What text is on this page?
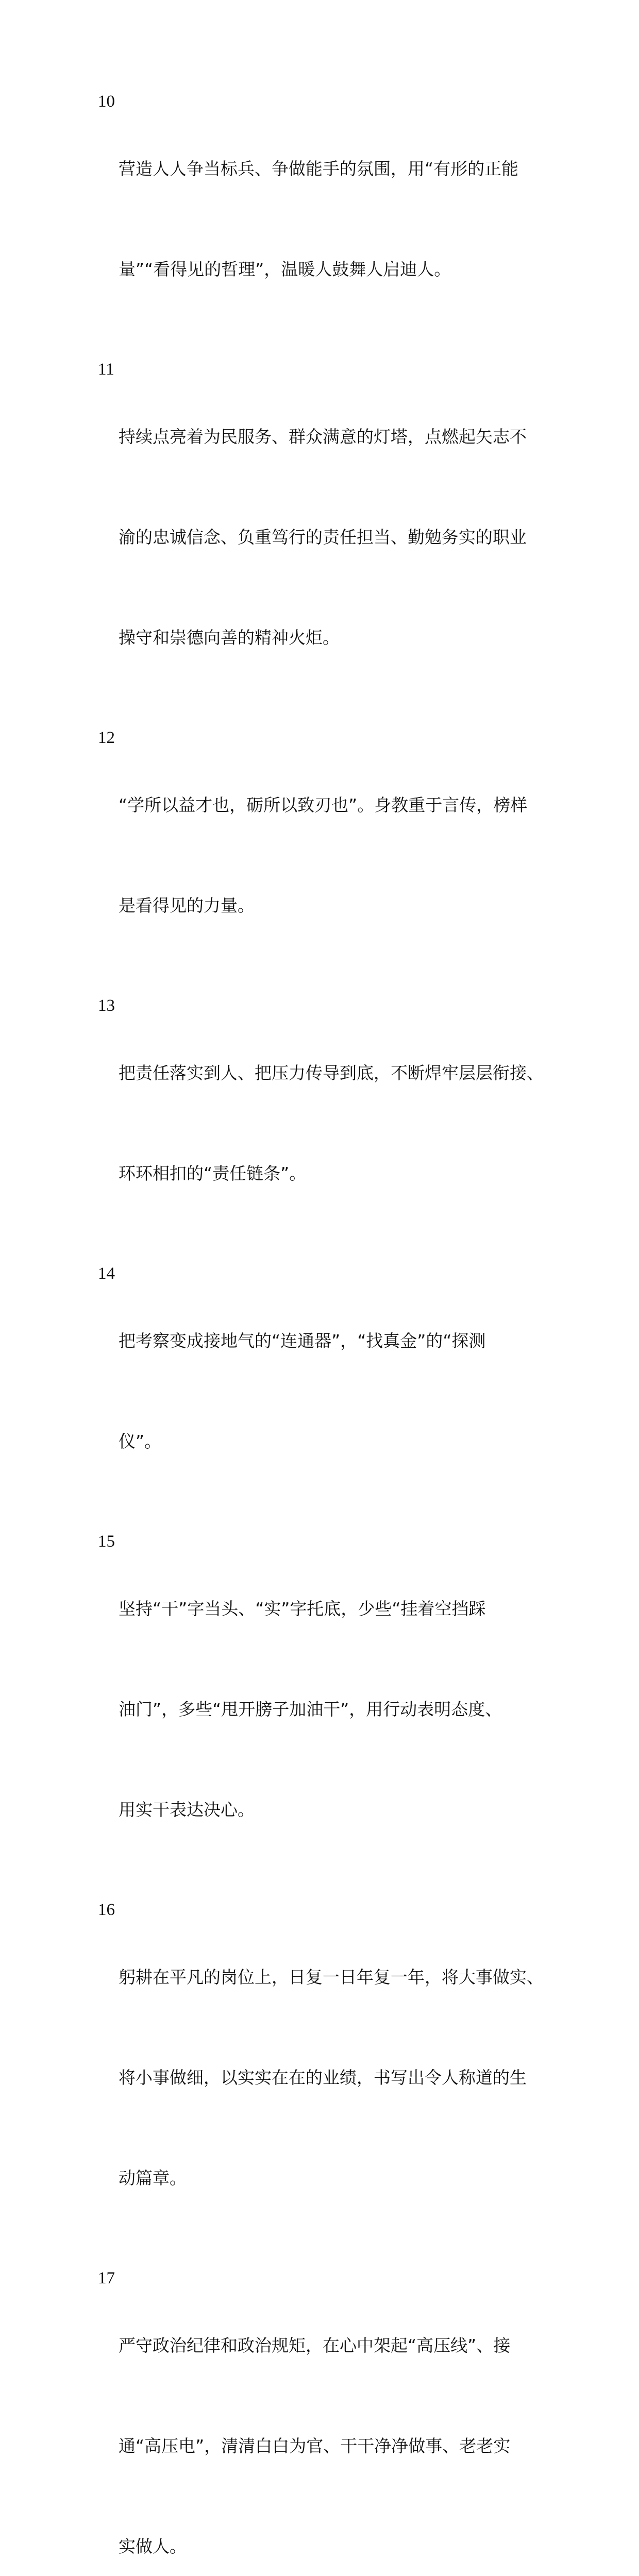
10

营造人人争当标兵、争做能手的氛围，用“有形的正能

量”“看得见的哲理”，温暖人鼓舞人启迪人。

11

持续点亮着为民服务、群众满意的灯塔，点燃起矢志不

渝的忠诚信念、负重笃行的责任担当、勤勉务实的职业

操守和崇德向善的精神火炬。

12

“学所以益才也，砺所以致刃也”。身教重于言传，榜样

是看得见的力量。

13

把责任落实到人、把压力传导到底，不断焊牢层层衔接、

环环相扣的“责任链条”。

14

把考察变成接地气的“连通器”，“找真金”的“探测

仪”。

15

坚持“干”字当头、“实”字托底，少些“挂着空挡踩

油门”，多些“甩开膀子加油干”，用行动表明态度、

用实干表达决心。

16

躬耕在平凡的岗位上，日复一日年复一年，将大事做实、

将小事做细，以实实在在的业绩，书写出令人称道的生

动篇章。

17

严守政治纪律和政治规矩，在心中架起“高压线”、接

通“高压电”，清清白白为官、干干净净做事、老老实

实做人。
